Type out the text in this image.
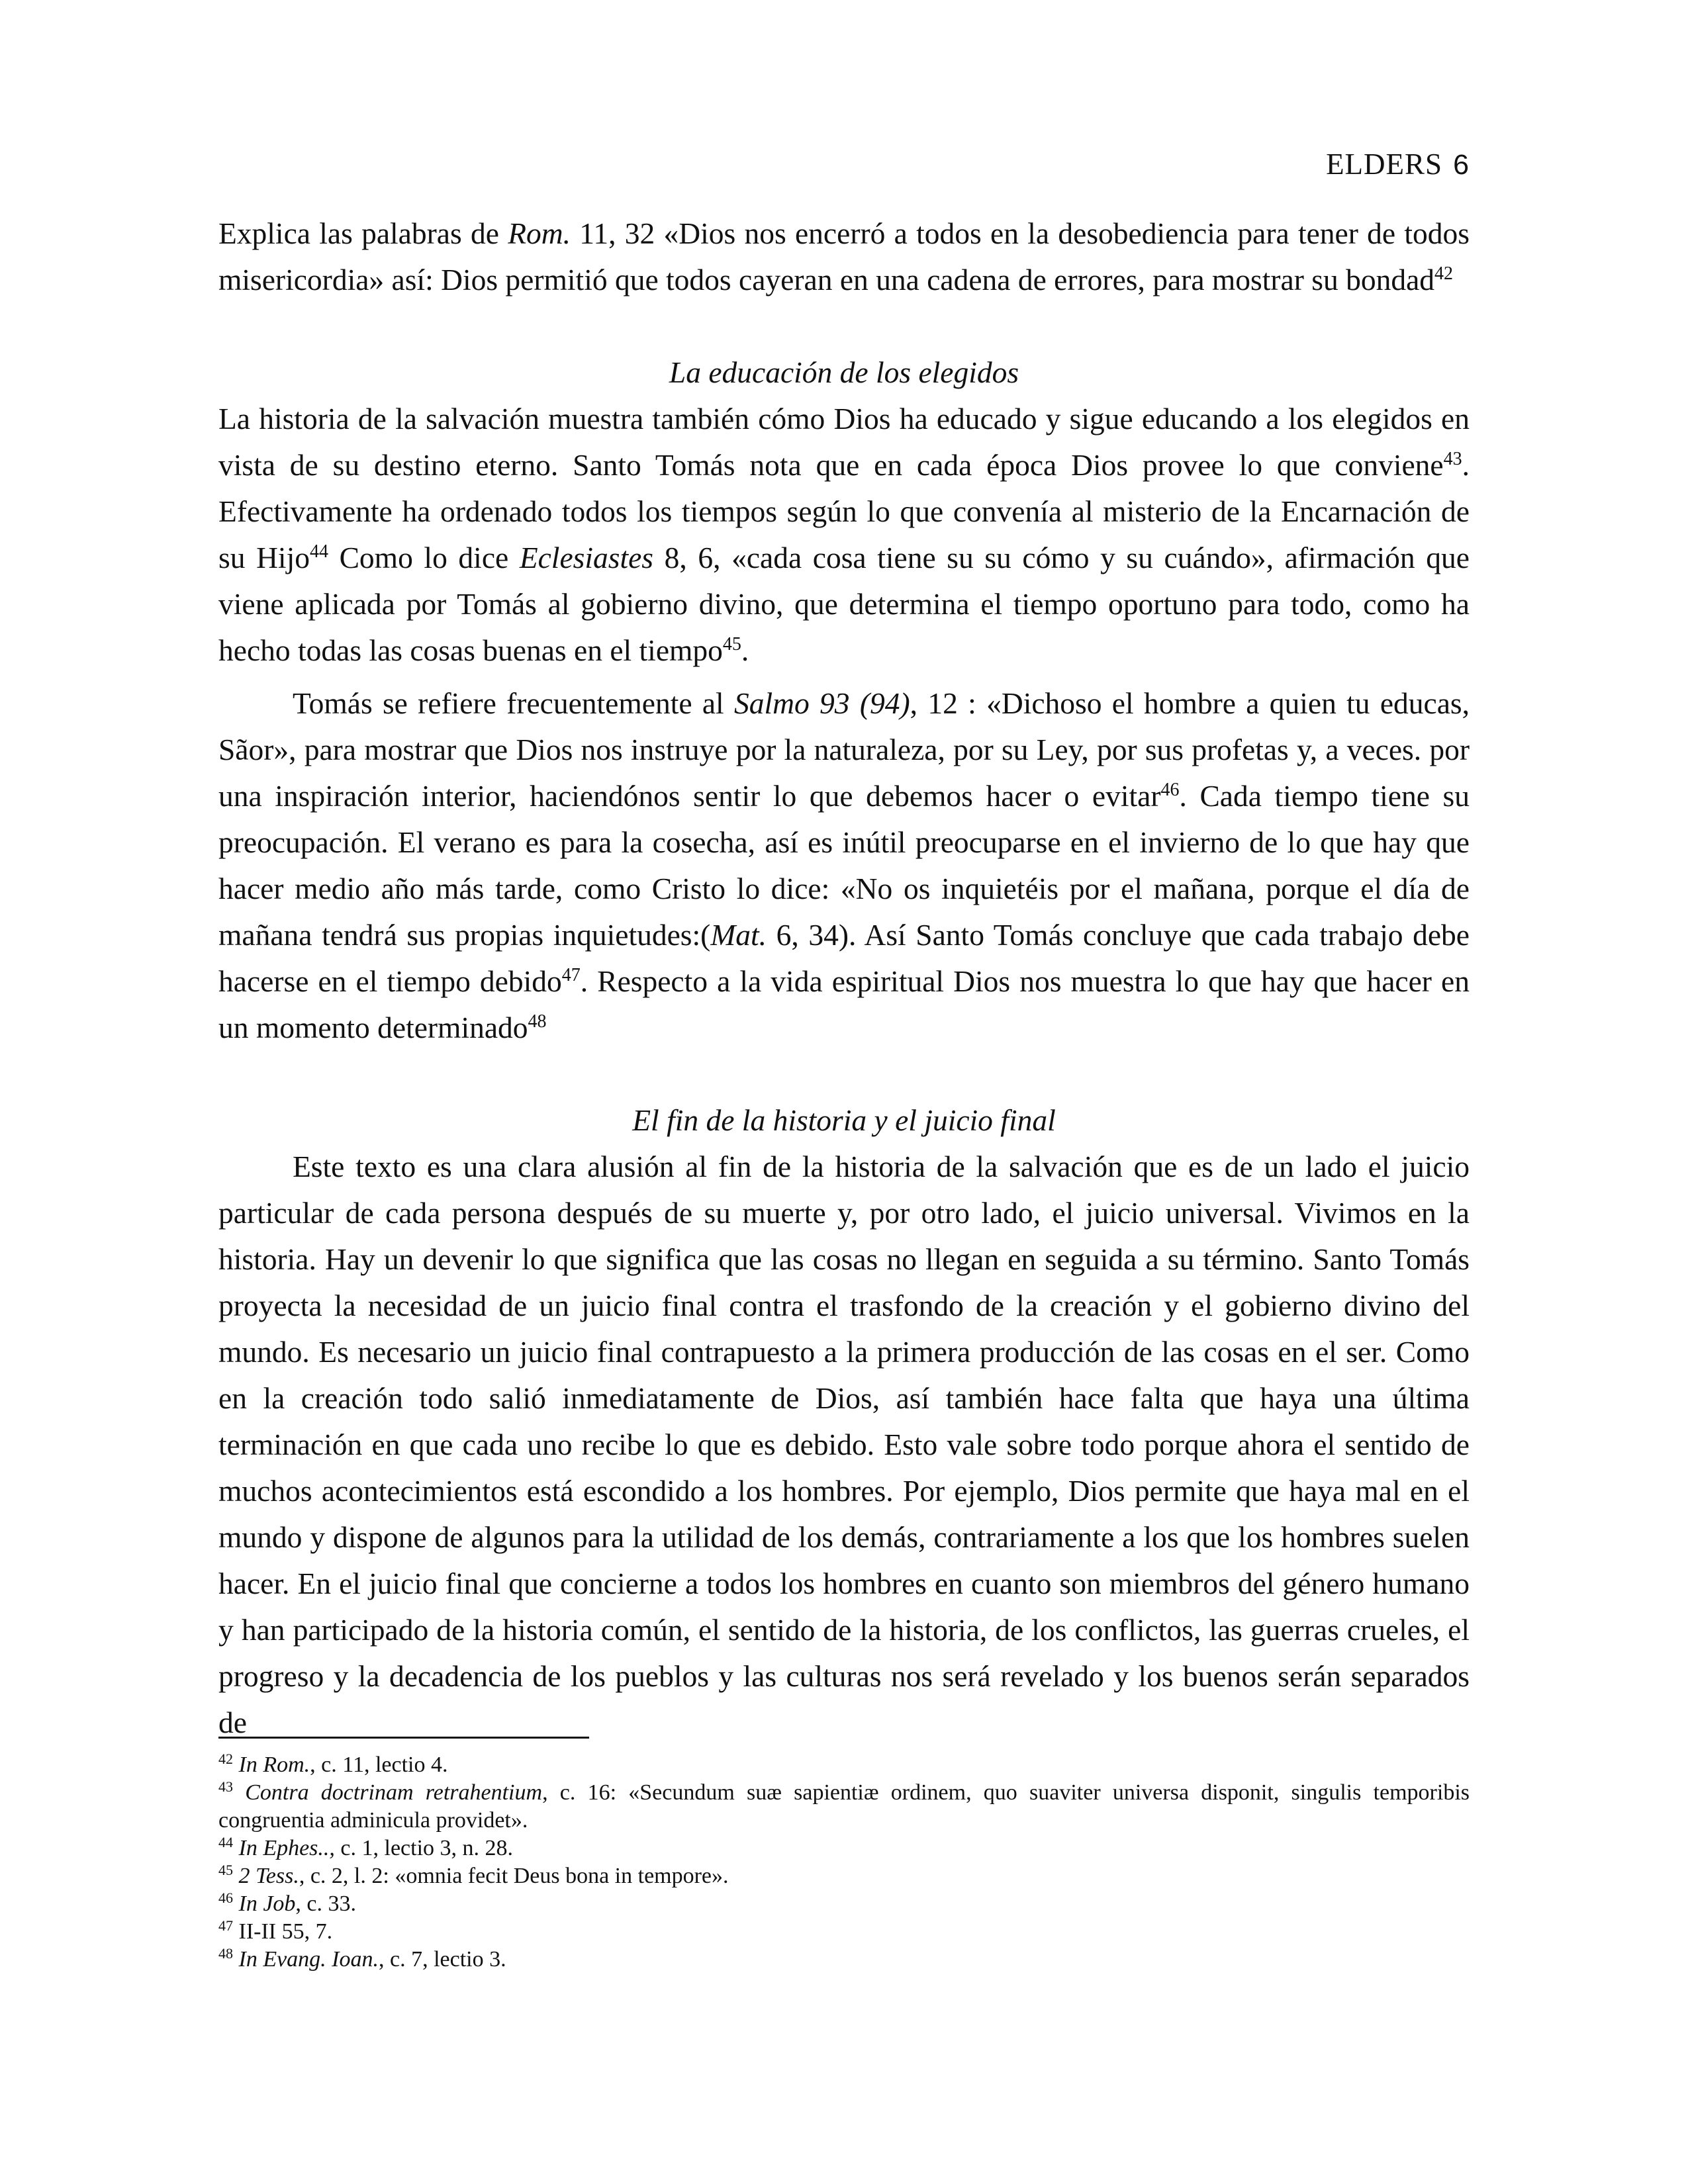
ELDERS 6

Explica las palabras de Rom. 11, 32 «Dios nos encerró a todos en la desobediencia para tener de todos misericordia» así: Dios permitió que todos cayeran en una cadena de errores, para mostrar su bondad$^{42}$

La educación de los elegidos

La historia de la salvación muestra también cómo Dios ha educado y sigue educando a los elegidos en vista de su destino eterno. Santo Tomás nota que en cada época Dios provee lo que conviene$^{43}$. Efectivamente ha ordenado todos los tiempos según lo que convenía al misterio de la Encarnación de su Hijo$^{44}$ Como lo dice Eclesiastes 8, 6, «cada cosa tiene su su cómo y su cuándo», afirmación que viene aplicada por Tomás al gobierno divino, que determina el tiempo oportuno para todo, como ha hecho todas las cosas buenas en el tiempo$^{45}$.

Tomás se refiere frecuentemente al Salmo 93 (94), 12 : «Dichoso el hombre a quien tu educas, Sãor», para mostrar que Dios nos instruye por la naturaleza, por su Ley, por sus profetas y, a veces. por una inspiración interior, haciendónos sentir lo que debemos hacer o evitar$^{46}$. Cada tiempo tiene su preocupación. El verano es para la cosecha, así es inútil preocuparse en el invierno de lo que hay que hacer medio año más tarde, como Cristo lo dice: «No os inquietéis por el mañana, porque el día de mañana tendrá sus propias inquietudes:(Mat. 6, 34). Así Santo Tomás concluye que cada trabajo debe hacerse en el tiempo debido$^{47}$. Respecto a la vida espiritual Dios nos muestra lo que hay que hacer en un momento determinado$^{48}$

El fin de la historia y el juicio final

Este texto es una clara alusión al fin de la historia de la salvación que es de un lado el juicio particular de cada persona después de su muerte y, por otro lado, el juicio universal. Vivimos en la historia. Hay un devenir lo que significa que las cosas no llegan en seguida a su término. Santo Tomás proyecta la necesidad de un juicio final contra el trasfondo de la creación y el gobierno divino del mundo. Es necesario un juicio final contrapuesto a la primera producción de las cosas en el ser. Como en la creación todo salió inmediatamente de Dios, así también hace falta que haya una última terminación en que cada uno recibe lo que es debido. Esto vale sobre todo porque ahora el sentido de muchos acontecimientos está escondido a los hombres. Por ejemplo, Dios permite que haya mal en el mundo y dispone de algunos para la utilidad de los demás, contrariamente a los que los hombres suelen hacer. En el juicio final que concierne a todos los hombres en cuanto son miembros del género humano y han participado de la historia común, el sentido de la historia, de los conflictos, las guerras crueles, el progreso y la decadencia de los pueblos y las culturas nos será revelado y los buenos serán separados de

$^{42}$ In Rom., c. 11, lectio 4.

$^{43}$ Contra doctrinam retrahentium, c. 16: «Secundum suæ sapientiæ ordinem, quo suaviter universa disponit, singulis temporibis congruentia adminicula providet».

$^{44}$ In Ephes.., c. 1, lectio 3, n. 28.

$^{45}$ 2 Tess., c. 2, l. 2: «omnia fecit Deus bona in tempore».

$^{46}$ In Job, c. 33.

$^{47}$ II-II 55, 7.

$^{48}$ In Evang. Ioan., c. 7, lectio 3.
